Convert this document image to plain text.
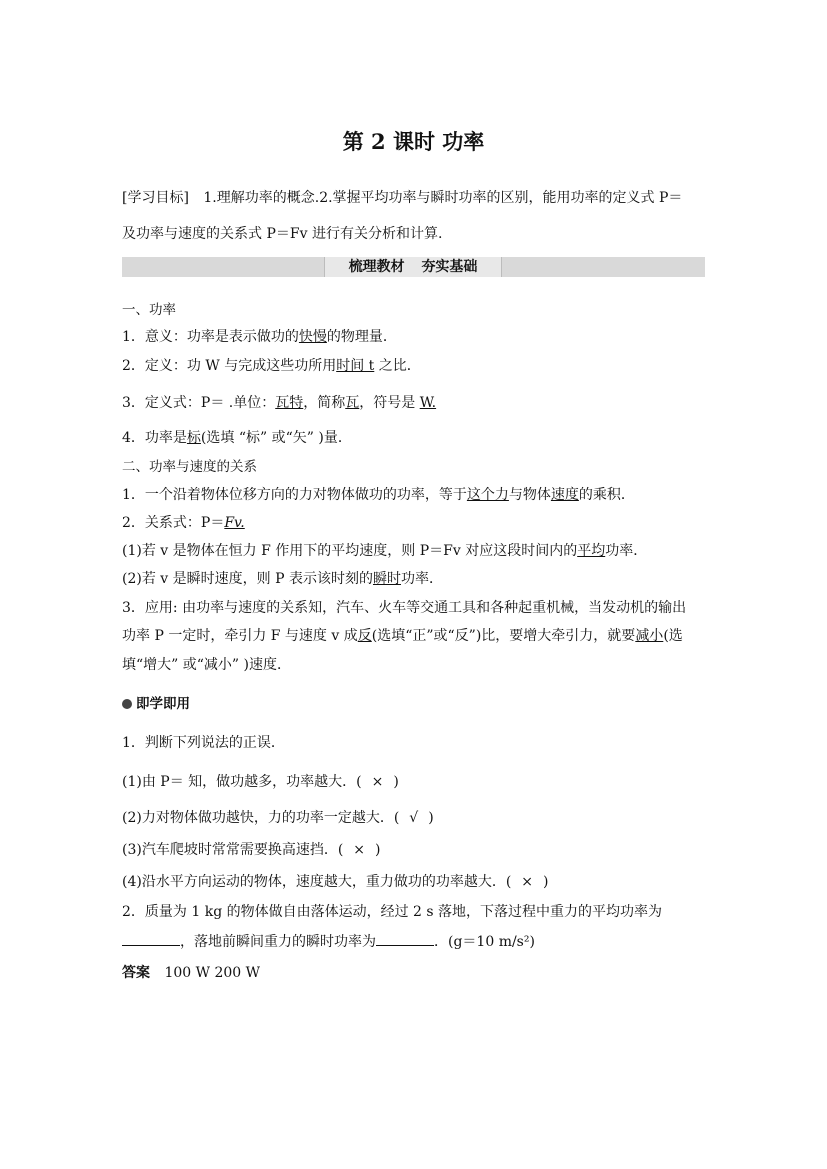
第 2 课时 功率
[学习目标] 1.理解功率的概念.2.掌握平均功率与瞬时功率的区别，能用功率的定义式 P＝
及功率与速度的关系式 P＝Fv 进行有关分析和计算.
梳理教材 夯实基础
一、功率
1．意义：功率是表示做功的快慢的物理量．
2．定义：功 W 与完成这些功所用时间 t 之比．
3．定义式：P＝ .单位：瓦特，简称瓦，符号是 W.
4．功率是标(选填 “标” 或“矢” )量．
二、功率与速度的关系
1．一个沿着物体位移方向的力对物体做功的功率，等于这个力与物体速度的乘积．
2．关系式：P＝Fv.
(1)若 v 是物体在恒力 F 作用下的平均速度，则 P＝Fv 对应这段时间内的平均功率．
(2)若 v 是瞬时速度，则 P 表示该时刻的瞬时功率．
3．应用: 由功率与速度的关系知，汽车、火车等交通工具和各种起重机械，当发动机的输出
功率 P 一定时，牵引力 F 与速度 v 成反(选填“正”或“反”)比，要增大牵引力，就要减小(选
填“增大” 或“减小” )速度．
即学即用
1．判断下列说法的正误．
(1)由 P＝ 知，做功越多，功率越大．( × )
(2)力对物体做功越快，力的功率一定越大．( √ )
(3)汽车爬坡时常常需要换高速挡．( × )
(4)沿水平方向运动的物体，速度越大，重力做功的功率越大．( × )
2．质量为 1 kg 的物体做自由落体运动，经过 2 s 落地，下落过程中重力的平均功率为
，落地前瞬间重力的瞬时功率为	．(g＝10 m/s²)
答案 100 W 200 W
